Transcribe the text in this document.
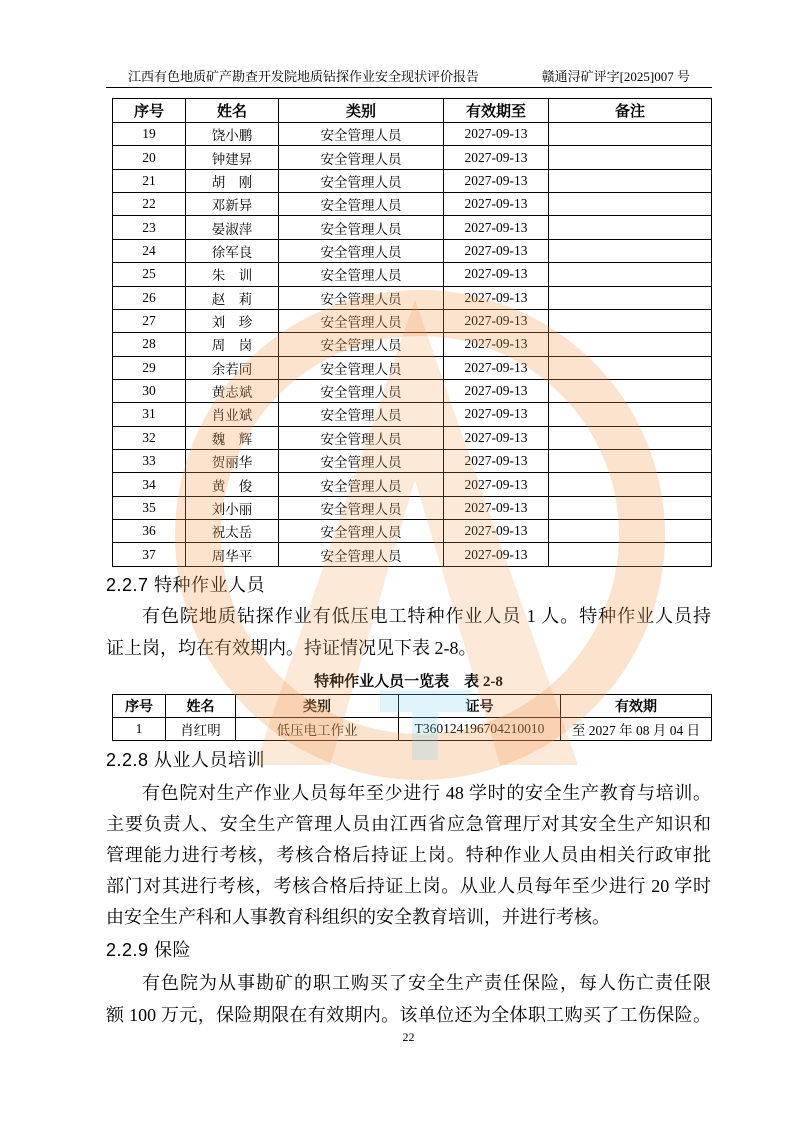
江西有色地质矿产勘查开发院地质钻探作业安全现状评价报告	赣通浔矿评字[2025]007 号
序号	姓名	类别	有效期至	备注
19	饶小鹏	安全管理人员	2027-09-13	
20	钟建昇	安全管理人员	2027-09-13	
21	胡　刚	安全管理人员	2027-09-13	
22	邓新异	安全管理人员	2027-09-13	
23	晏淑萍	安全管理人员	2027-09-13	
24	徐军良	安全管理人员	2027-09-13	
25	朱　训	安全管理人员	2027-09-13	
26	赵　莉	安全管理人员	2027-09-13	
27	刘　珍	安全管理人员	2027-09-13	
28	周　岗	安全管理人员	2027-09-13	
29	余若同	安全管理人员	2027-09-13	
30	黄志斌	安全管理人员	2027-09-13	
31	肖业斌	安全管理人员	2027-09-13	
32	魏　辉	安全管理人员	2027-09-13	
33	贺丽华	安全管理人员	2027-09-13	
34	黄　俊	安全管理人员	2027-09-13	
35	刘小丽	安全管理人员	2027-09-13	
36	祝太岳	安全管理人员	2027-09-13	
37	周华平	安全管理人员	2027-09-13	
2.2.7 特种作业人员
有色院地质钻探作业有低压电工特种作业人员 1 人。特种作业人员持
证上岗，均在有效期内。持证情况见下表 2-8。
特种作业人员一览表　表 2-8
序号	姓名	类别	证号	有效期
1	肖红明	低压电工作业	T360124196704210010	至 2027 年 08 月 04 日
2.2.8 从业人员培训
有色院对生产作业人员每年至少进行 48 学时的安全生产教育与培训。
主要负责人、安全生产管理人员由江西省应急管理厅对其安全生产知识和
管理能力进行考核，考核合格后持证上岗。特种作业人员由相关行政审批
部门对其进行考核，考核合格后持证上岗。从业人员每年至少进行 20 学时
由安全生产科和人事教育科组织的安全教育培训，并进行考核。
2.2.9 保险
有色院为从事勘矿的职工购买了安全生产责任保险，每人伤亡责任限
额 100 万元，保险期限在有效期内。该单位还为全体职工购买了工伤保险。
22
